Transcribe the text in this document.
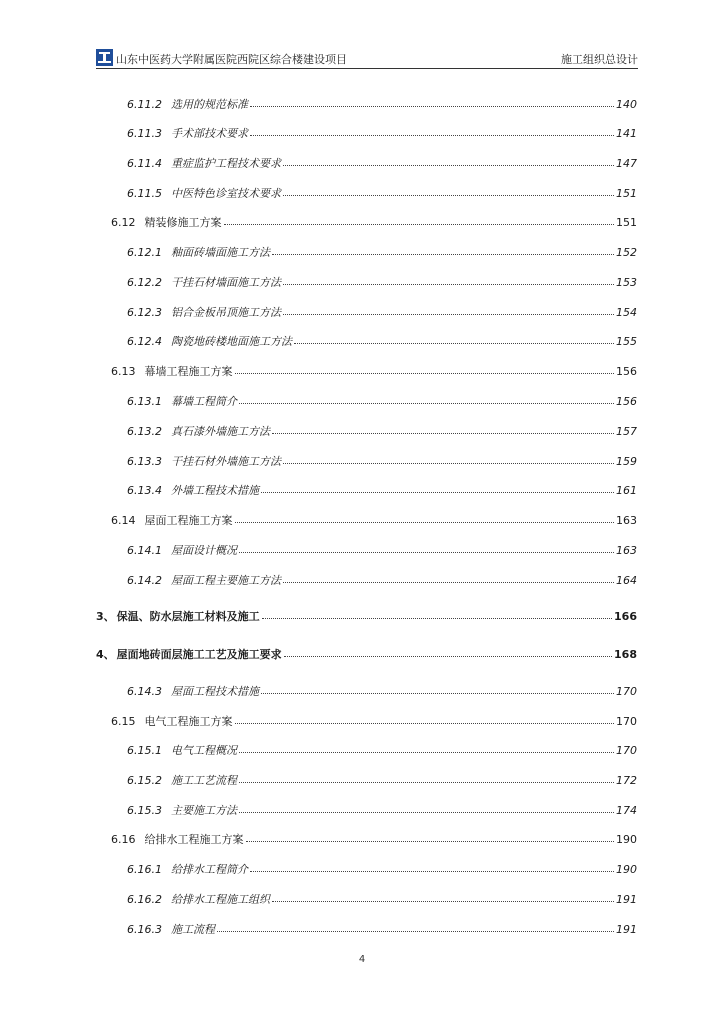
山东中医药大学附属医院西院区综合楼建设项目	施工组织总设计
6.11.2 选用的规范标准	140
6.11.3 手术部技术要求	141
6.11.4 重症监护工程技术要求	147
6.11.5 中医特色诊室技术要求	151
6.12 精装修施工方案	151
6.12.1 釉面砖墙面施工方法	152
6.12.2 干挂石材墙面施工方法	153
6.12.3 铝合金板吊顶施工方法	154
6.12.4 陶瓷地砖楼地面施工方法	155
6.13 幕墙工程施工方案	156
6.13.1 幕墙工程简介	156
6.13.2 真石漆外墙施工方法	157
6.13.3 干挂石材外墙施工方法	159
6.13.4 外墙工程技术措施	161
6.14 屋面工程施工方案	163
6.14.1 屋面设计概况	163
6.14.2 屋面工程主要施工方法	164
3、 保温、防水层施工材料及施工	166
4、 屋面地砖面层施工工艺及施工要求	168
6.14.3 屋面工程技术措施	170
6.15 电气工程施工方案	170
6.15.1 电气工程概况	170
6.15.2 施工工艺流程	172
6.15.3 主要施工方法	174
6.16 给排水工程施工方案	190
6.16.1 给排水工程简介	190
6.16.2 给排水工程施工组织	191
6.16.3 施工流程	191
4
